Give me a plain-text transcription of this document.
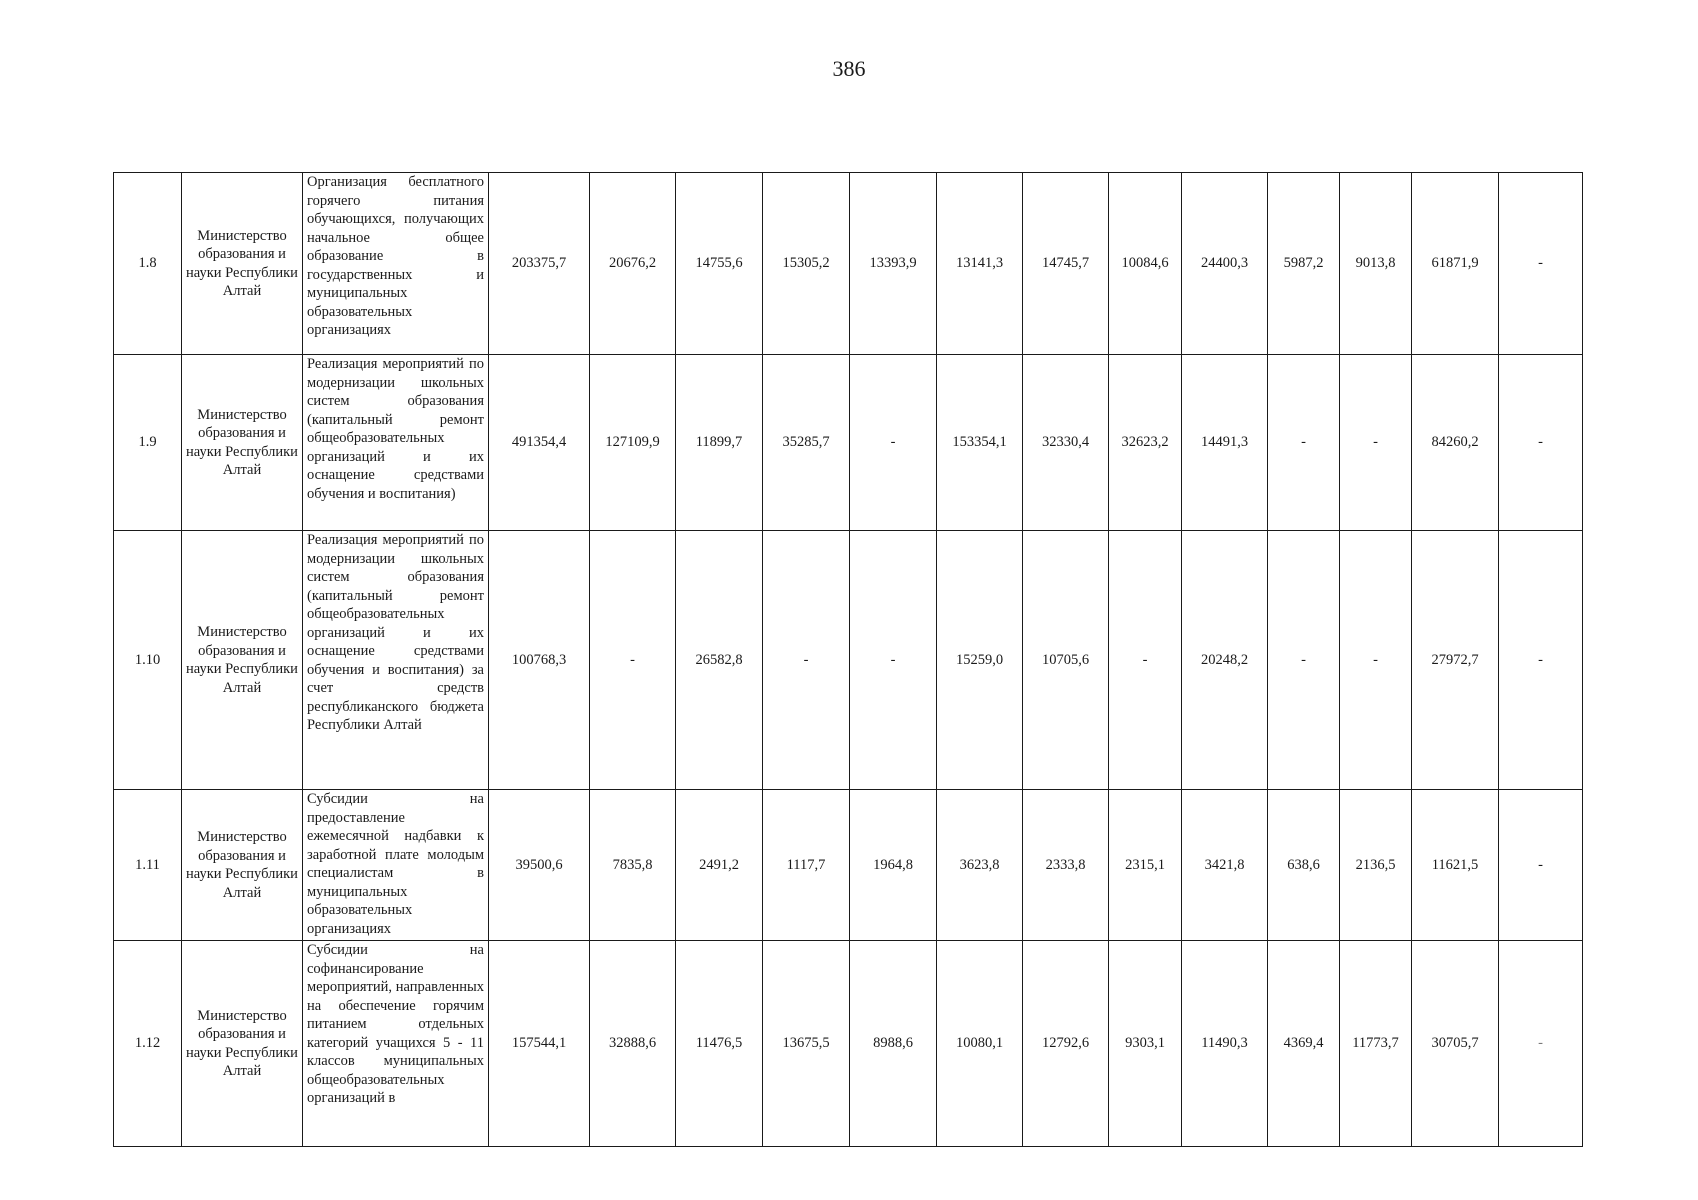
386
1.8	Министерство образования и науки Республики Алтай	Организация бесплатного горячего питания обучающихся, получающих начальное общее образование в государственных и муниципальных образовательных организациях	203375,7	20676,2	14755,6	15305,2	13393,9	13141,3	14745,7	10084,6	24400,3	5987,2	9013,8	61871,9	-
1.9	Министерство образования и науки Республики Алтай	Реализация мероприятий по модернизации школьных систем образования (капитальный ремонт общеобразовательных организаций и их оснащение средствами обучения и воспитания)	491354,4	127109,9	11899,7	35285,7	-	153354,1	32330,4	32623,2	14491,3	-	-	84260,2	-
1.10	Министерство образования и науки Республики Алтай	Реализация мероприятий по модернизации школьных систем образования (капитальный ремонт общеобразовательных организаций и их оснащение средствами обучения и воспитания) за счет средств республиканского бюджета Республики Алтай	100768,3	-	26582,8	-	-	15259,0	10705,6	-	20248,2	-	-	27972,7	-
1.11	Министерство образования и науки Республики Алтай	Субсидии на предоставление ежемесячной надбавки к заработной плате молодым специалистам в муниципальных образовательных организациях	39500,6	7835,8	2491,2	1117,7	1964,8	3623,8	2333,8	2315,1	3421,8	638,6	2136,5	11621,5	-
1.12	Министерство образования и науки Республики Алтай	Субсидии на софинансирование мероприятий, направленных на обеспечение горячим питанием отдельных категорий учащихся 5 - 11 классов муниципальных общеобразовательных организаций в	157544,1	32888,6	11476,5	13675,5	8988,6	10080,1	12792,6	9303,1	11490,3	4369,4	11773,7	30705,7	-
